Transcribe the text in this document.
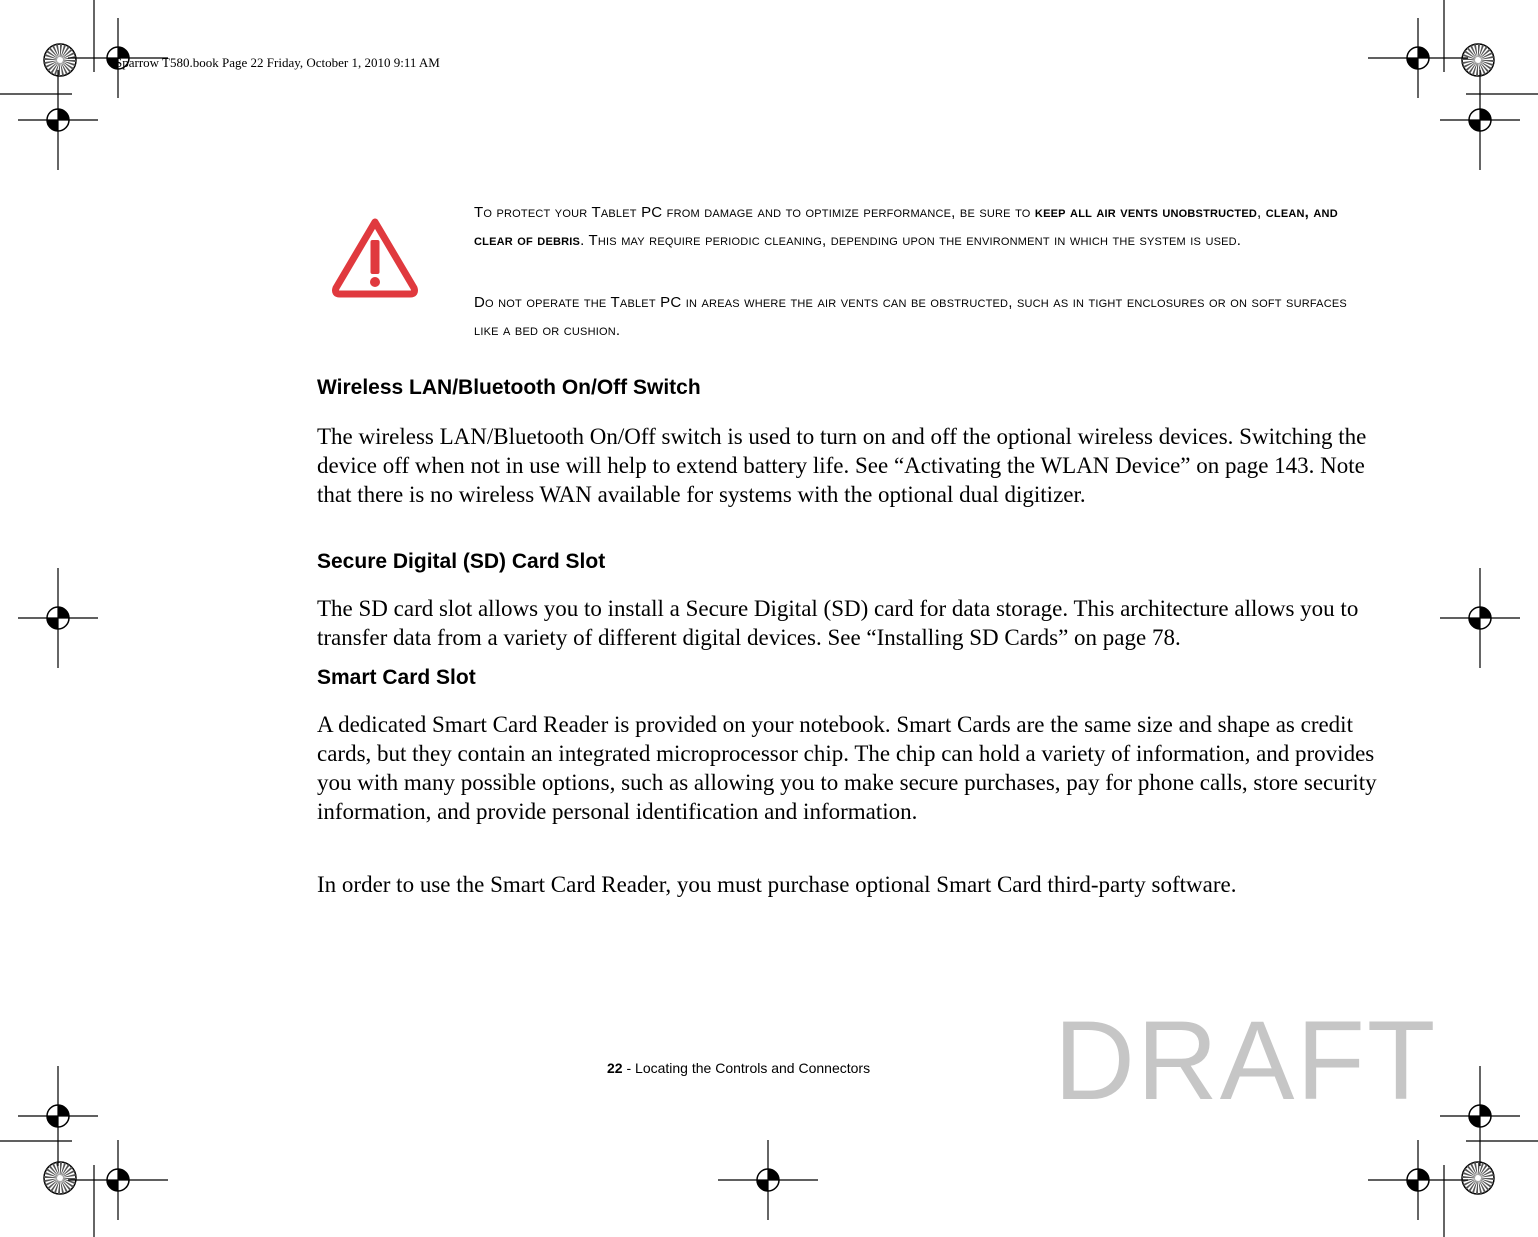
Sparrow T580.book Page 22 Friday, October 1, 2010 9:11 AM
To protect your Tablet PC from damage and to optimize performance, be sure to keep all air vents unobstructed, clean, and clear of debris. This may require periodic cleaning, depending upon the environment in which the system is used.
Do not operate the Tablet PC in areas where the air vents can be obstructed, such as in tight enclosures or on soft surfaces like a bed or cushion.
Wireless LAN/Bluetooth On/Off Switch
The wireless LAN/Bluetooth On/Off switch is used to turn on and off the optional wireless devices. Switching the device off when not in use will help to extend battery life. See “Activating the WLAN Device” on page 143. Note that there is no wireless WAN available for systems with the optional dual digitizer.
Secure Digital (SD) Card Slot
The SD card slot allows you to install a Secure Digital (SD) card for data storage. This architecture allows you to transfer data from a variety of different digital devices. See “Installing SD Cards” on page 78.
Smart Card Slot
A dedicated Smart Card Reader is provided on your notebook. Smart Cards are the same size and shape as credit cards, but they contain an integrated microprocessor chip. The chip can hold a variety of information, and provides you with many possible options, such as allowing you to make secure purchases, pay for phone calls, store security information, and provide personal identification and information.
In order to use the Smart Card Reader, you must purchase optional Smart Card third-party software.
22 - Locating the Controls and Connectors DRAFT
